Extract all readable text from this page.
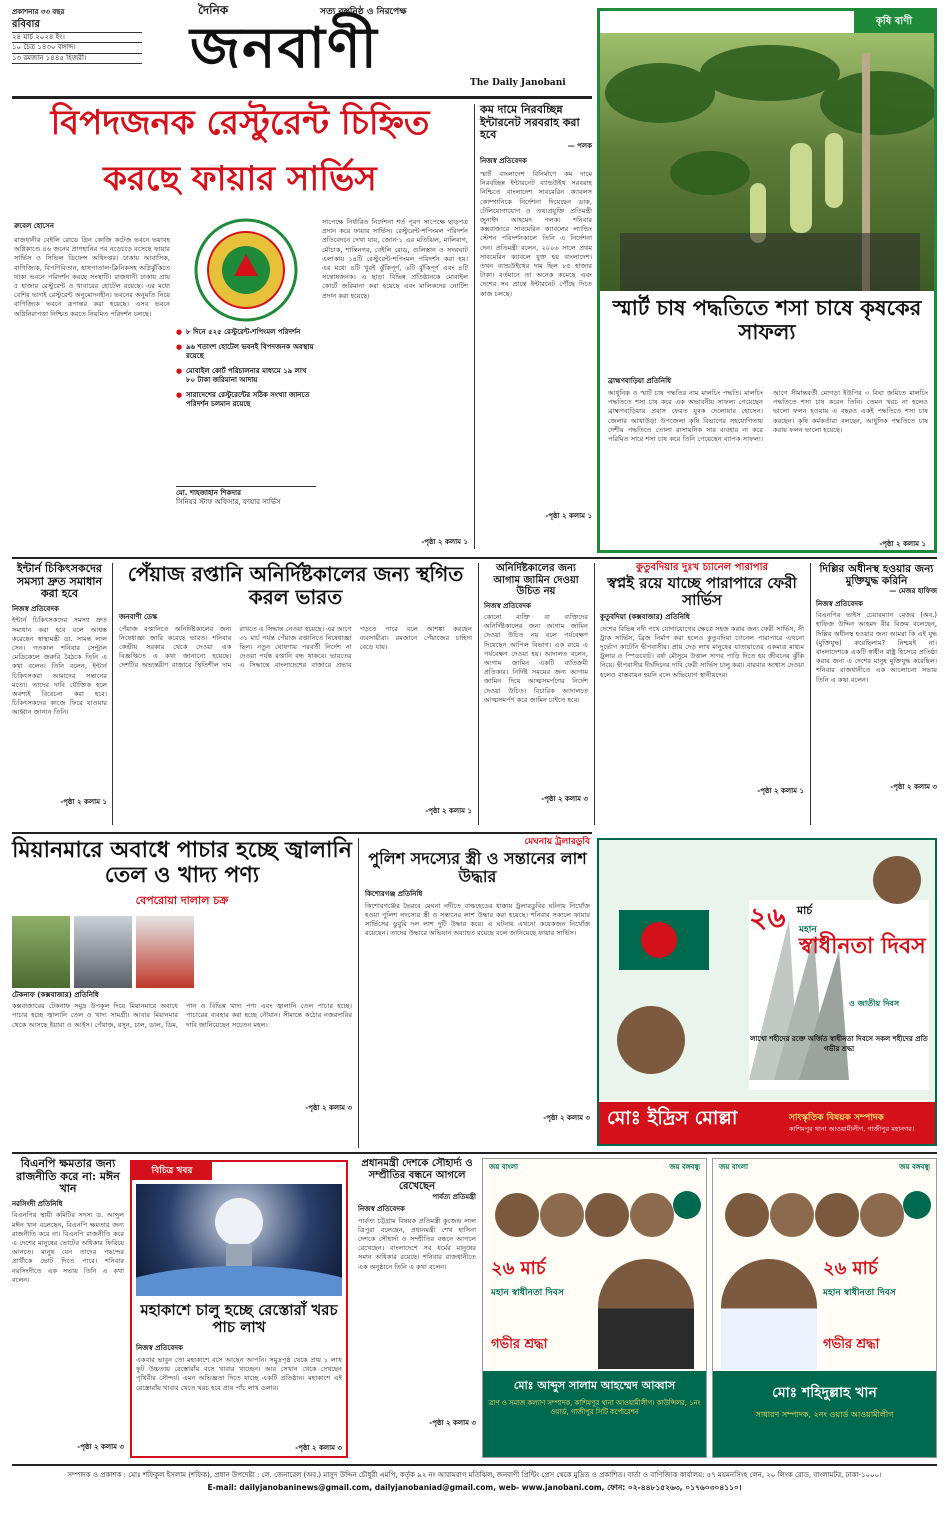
প্রকাশনার ৩৩ বছর
রবিবার
২৪ মার্চ ২০২৪ ইং।
১০ চৈত্র ১৪৩০ বঙ্গাব্দ।
১৩ রমজান ১৪৪৫ হিজরী।
দৈনিক	সত্য বস্তুনিষ্ঠ ও নিরপেক্ষ
জনবাণী
The Daily Janobani
কৃষি বাণী
স্মার্ট চাষ পদ্ধতিতে শসা চাষে কৃষকের সাফল্য
ব্রাহ্মণবাড়িয়া প্রতিনিধি
আধুনিক ও স্মার্ট চাষ পদ্ধতির নাম মালচিং পদ্ধতি। মালচিং পদ্ধতিতে শসা চাষ করে এক অভাবনীয় সাফল্য পেয়েছেন ব্রাহ্মণবাড়িয়ার প্রবাস ফেরত যুবক দেলোয়ার হোসেন। জেলার আখাউড়া উপজেলা কৃষি বিভাগের সহযোগিতায় দেশীয় পদ্ধতিতে তোলা রাসায়নিক সার ব্যবহার না করে পরিমিত সারে শসা চাষ করে তিনি পেয়েছেন ব্যাপক সাফল্য। আগে সীমান্তবর্তী মোগড়া ইউপির ৩ বিঘা জমিতে মালচিং পদ্ধতিতে শসা চাষ করেন তিনি। তেমন খরচ না হলেও ভালো ফলন হওয়ায় এ বছরও একই পদ্ধতিতে শসা চাষ করছেন। কৃষি কর্মকর্তারা বলছেন, আধুনিক পদ্ধতিতে চাষ করায় ফলন ভালো হয়েছে।
-পৃষ্ঠা ২ কলাম ১
বিপদজনক রেস্টুরেন্ট চিহ্নিত
করছে ফায়ার সার্ভিস
রুবেল হোসেন
রাজধানীর বেইলি রোডে গ্রিন কোজি কটেজ ভবনে ভয়াবহ অগ্নিকাণ্ডে ৪৬ জনের প্রাণহানির পর নড়েচড়ে বসেছে ফায়ার সার্ভিস ও সিভিল ডিফেন্স অধিদপ্তর। ঢাকায় আবাসিক, বাণিজ্যিক, বিপণিবিতান, হাসপাতাল-ক্লিনিকসহ অগ্নিঝুঁকিতে থাকা ভবনে পরিদর্শন করছে সংস্থাটি। রাজধানী ঢাকায় প্রায় ৫ হাজার রেস্টুরেন্ট ও খাবারের হোটেল রয়েছে। এর মধ্যে বেশির ভাগই রেস্টুরেন্ট অনুমোদনহীন। ভবনের অনুমতি নিয়ে বাণিজ্যিক ভবনে রূপান্তর করা হয়েছে। এসব ভবনে অগ্নিনিরাপত্তা নিশ্চিত করতে নিয়মিত পরিদর্শন চলছে।
● ৮ দিনে ৫২৫ রেস্টুরেন্ট-শপিংমল পরিদর্শন
● ৯৬ শতাংশ হোটেল ভবনই বিপদজনক অবস্থায় রয়েছে
● মোবাইল কোর্ট পরিচালনার মাধ্যমে ১৯ লাখ ৮০ টাকা জরিমানা আদায়
● সারাদেশের রেস্টুরেন্টের সঠিক সংখ্যা জানতে পরিদর্শন চলমান রয়েছে
মো. শাহজাহান শিকদার
সিনিয়র স্টাফ অফিসার, ফায়ার সার্ভিস
সাপেক্ষে নির্ধারিত নির্দেশনা শর্ত পূরণ সাপেক্ষে ছাড়পত্র প্রদান করে ফায়ার সার্ভিস। রেস্টুরেন্ট-শপিংমল পরিদর্শন প্রতিবেদনে দেখা যায়, জোন-১ এর মতিঝিল, মালিবাগ, মৌচাক, শান্তিনগর, বেইলি রোড, গুলিস্তান ও সদরঘাট এলাকায় ১৪টি রেস্টুরেন্ট-শপিংমল পরিদর্শন করা হয়। এর মধ্যে ৪টি খুবই ঝুঁকিপূর্ণ, ৬টি ঝুঁকিপূর্ণ এবং ৪টি সন্তোষজনক। এ ছাড়া বিভিন্ন প্রতিষ্ঠানকে মোবাইল কোর্টে জরিমানা করা হয়েছে এবং মালিকদের নোটিশ প্রদান করা হয়েছে।
-পৃষ্ঠা ২ কলাম ১
কম দামে নিরবচ্ছিন্ন ইন্টারনেট সরবরাহ করা হবে
— পলক
নিজস্ব প্রতিবেদক
স্মার্ট বাংলাদেশ বিনির্মাণে কম দামে নিরবচ্ছিন্ন ইন্টারনেট ব্যান্ডউইথ সরবরাহ নিশ্চিতে বাংলাদেশ সাবমেরিন ক্যাবলস কোম্পানিকে নির্দেশনা দিয়েছেন ডাক, টেলিযোগাযোগ ও তথ্যপ্রযুক্তি প্রতিমন্ত্রী জুনাইদ আহমেদ পলক। শনিবার কক্সবাজারে সাবমেরিন ক্যাবলের ল্যান্ডিং স্টেশন পরিদর্শনকালে তিনি এ নির্দেশনা দেন। প্রতিমন্ত্রী বলেন, ২০০৬ সালে প্রথম সাবমেরিন ক্যাবলে যুক্ত হয় বাংলাদেশ। তখন ব্যান্ডউইথের দাম ছিল ৮৫ হাজার টাকা। বর্তমানে তা অনেক কমেছে এবং দেশের সব প্রান্তে ইন্টারনেট পৌঁছে দিতে কাজ চলছে।
-পৃষ্ঠা ২ কলাম ১
ইন্টার্ন চিকিৎসকদের সমস্যা দ্রুত সমাধান করা হবে
নিজস্ব প্রতিবেদক
ইন্টার্ন চিকিৎসকদের সমস্যা দ্রুত সমাধান করা হবে বলে আশ্বস্ত করেছেন স্বাস্থ্যমন্ত্রী ডা. সামন্ত লাল সেন। গতকাল শনিবার সেন্ট্রাল মেডিকেলে জরুরি বৈঠকে তিনি এ কথা বলেন। তিনি বলেন, ইন্টার্ন চিকিৎসকরা আমাদের সন্তানের মতো। তাদের দাবি যৌক্তিক হলে অবশ্যই বিবেচনা করা হবে। চিকিৎসকদের কাজে ফিরে যাওয়ার আহ্বান জানান তিনি।
-পৃষ্ঠা ২ কলাম ১
পেঁয়াজ রপ্তানি অনির্দিষ্টকালের জন্য স্থগিত করল ভারত
জনবাণী ডেস্ক
পেঁয়াজ রপ্তানিতে অনির্দিষ্টকালের জন্য নিষেধাজ্ঞা জারি করেছে ভারত। শনিবার কেন্দ্রীয় সরকার থেকে দেওয়া এক বিজ্ঞপ্তিতে এ কথা জানানো হয়েছে। দেশটির অভ্যন্তরীণ বাজারে স্থিতিশীল দাম রাখতে এ সিদ্ধান্ত নেওয়া হয়েছে। এর আগে ৩১ মার্চ পর্যন্ত পেঁয়াজ রপ্তানিতে নিষেধাজ্ঞা ছিল। নতুন ঘোষণায় পরবর্তী নির্দেশ না দেওয়া পর্যন্ত রপ্তানি বন্ধ থাকবে। ভারতের এ সিদ্ধান্তে বাংলাদেশের বাজারে প্রভাব পড়তে পারে বলে আশঙ্কা করছেন ব্যবসায়ীরা। রমজানে পেঁয়াজের চাহিদা বেড়ে যায়।
-পৃষ্ঠা ২ কলাম ১
অনির্দিষ্টকালের জন্য আগাম জামিন দেওয়া উচিত নয়
নিজস্ব প্রতিবেদক
কোনো ব্যক্তি বা ব্যক্তিদের অনির্দিষ্টকালের জন্য আগাম জামিন দেওয়া উচিত নয় বলে পর্যবেক্ষণ দিয়েছেন আপিল বিভাগ। এক রায়ে এ পর্যবেক্ষণ দেওয়া হয়। আদালত বলেন, আগাম জামিন একটি ব্যতিক্রমী প্রতিকার। নির্দিষ্ট সময়ের জন্য আগাম জামিন দিয়ে আত্মসমর্পণের নির্দেশ দেওয়া উচিত। বিচারিক আদালতে আত্মসমর্পণ করে জামিন চাইতে হবে।
-পৃষ্ঠা ২ কলাম ৩
কুতুবদিয়ার দুঃখ চ্যানেল পারাপার
স্বপ্নই রয়ে যাচ্ছে পারাপারে ফেরী সার্ভিস
কুতুবদিয়া (কক্সবাজার) প্রতিনিধি
দেশের বিভিন্ন নদী পথে যোগাযোগের ক্ষেত্রে সহজ করার জন্য ফেরী সার্ভিস, সী ট্রাক সার্ভিস, ব্রিজ নির্মাণ করা হলেও কুতুবদিয়া চ্যানেল পারাপারে এখনো দুর্ভোগ কাটেনি দ্বীপবাসীর। প্রায় দেড় লাখ মানুষের যাতায়াতের একমাত্র মাধ্যম ট্রলার ও স্পিডবোট। বর্ষা মৌসুমে উত্তাল সাগর পাড়ি দিতে হয় জীবনের ঝুঁকি নিয়ে। দ্বীপবাসীর দীর্ঘদিনের দাবি ফেরী সার্ভিস চালু করা। বারবার আশ্বাস দেওয়া হলেও বাস্তবায়ন হয়নি বলে অভিযোগ স্থানীয়দের।
-পৃষ্ঠা ২ কলাম ১
দিল্লির অধীনস্থ হওয়ার জন্য মুক্তিযুদ্ধ করিনি
— মেজর হাফিজ
নিজস্ব প্রতিবেদক
বিএনপির ভাইস চেয়ারম্যান মেজর (অব.) হাফিজ উদ্দিন আহমদ বীর বিক্রম বলেছেন, দিল্লির অধীনস্থ হওয়ার জন্য আমরা কি এই যুদ্ধ (মুক্তিযুদ্ধ) করেছিলাম? নিশ্চয়ই না। বাংলাদেশকে একটি স্বাধীন রাষ্ট্র হিসেবে প্রতিষ্ঠা করার জন্য এ দেশের মানুষ মুক্তিযুদ্ধ করেছিল। শনিবার রাজধানীতে এক আলোচনা সভায় তিনি এ কথা বলেন।
-পৃষ্ঠা ২ কলাম ৩
মিয়ানমারে অবাধে পাচার হচ্ছে জ্বালানি তেল ও খাদ্য পণ্য
বেপরোয়া দালাল চক্র
টেকনাফ (কক্সবাজার) প্রতিনিধি
কক্সবাজারের টেকনাফ সমুদ্র উপকূল দিয়ে মিয়ানমারে অবাধে পাচার হচ্ছে জ্বালানি তেল ও খাদ্য সামগ্রী। আবার মিয়ানমার থেকে আসছে ইয়াবা ও আইস। পেঁয়াজ, রসুন, চাল, ডাল, ডিম, পান ও বিভিন্ন খাদ্য পণ্য এবং জ্বালানি তেল পাচার হচ্ছে। পাচারের ব্যবহার করা হচ্ছে নৌযান। সীমান্তে কঠোর নজরদারির দাবি জানিয়েছেন সচেতন মহল।
-পৃষ্ঠা ২ কলাম ৩
মেঘনায় ট্রলারডুবি
পুলিশ সদস্যের স্ত্রী ও সন্তানের লাশ উদ্ধার
কিশোরগঞ্জ প্রতিনিধি
কিশোরগঞ্জের ভৈরবে মেঘনা নদীতে বাল্কহেডের ধাক্কায় ট্রলারডুবির ঘটনায় নিখোঁজ হওয়া পুলিশ সদস্যের স্ত্রী ও সন্তানের লাশ উদ্ধার করা হয়েছে। শনিবার সকালে ফায়ার সার্ভিসের ডুবুরি দল লাশ দুটি উদ্ধার করে। এ ঘটনায় এখনো কয়েকজন নিখোঁজ রয়েছেন। তাদের উদ্ধারে অভিযান অব্যাহত রয়েছে বলে জানিয়েছে ফায়ার সার্ভিস।
-পৃষ্ঠা ২ কলাম ৩
২৬ মার্চ
মহান
স্বাধীনতা দিবস
ও জাতীয় দিবস
লাখো শহীদের রক্তে অর্জিত স্বাধীনতা দিবসে সকল শহীদের প্রতি গভীর শ্রদ্ধা
মোঃ ইদ্রিস মোল্লা	সাংস্কৃতিক বিষয়ক সম্পাদক
কাশিমপুর থানা আওয়ামীলীগ, গাজীপুর মহানগর।
বিএনপি ক্ষমতার জন্য রাজনীতি করে না: মঈন খান
নরসিংদী প্রতিনিধি
বিএনপির স্থায়ী কমিটির সদস্য ড. আব্দুল মঈন খান বলেছেন, বিএনপি ক্ষমতার জন্য রাজনীতি করে না। বিএনপি রাজনীতি করে এ দেশের মানুষের ভোটের অধিকার ফিরিয়ে আনতে। মানুষ যেন তাদের পছন্দের প্রার্থীকে ভোট দিতে পারে। শনিবার নরসিংদীতে এক সভায় তিনি এ কথা বলেন।
-পৃষ্ঠা ২ কলাম ৩
বিচিত্র খবর
মহাকাশে চালু হচ্ছে রেস্তোরাঁ খরচ পাচ লাখ
নিজস্ব প্রতিবেদক
একবার ভাবুন তো মহাকাশে বসে আছেন আপনি। সমুদ্রপৃষ্ঠ থেকে প্রায় ১ লাখ ফুট উচ্চতায় রেস্তোরাঁয় বসে খাবার খাচ্ছেন। আর সেখান থেকে দেখছেন পৃথিবীর সৌন্দর্য। এমন অভিজ্ঞতা দিতে যাচ্ছে একটি প্রতিষ্ঠান। মহাকাশে এই রেস্তোরাঁয় খাবার খেতে খরচ হবে প্রায় পাঁচ লাখ ডলার।
-পৃষ্ঠা ২ কলাম ৩
প্রধানমন্ত্রী দেশকে সৌহার্দ্য ও সম্প্রীতির বন্ধনে আগলে রেখেছেন
পার্বত্য প্রতিমন্ত্রী
নিজস্ব প্রতিবেদক
পার্বত্য চট্টগ্রাম বিষয়ক প্রতিমন্ত্রী কুজেন্দ্র লাল ত্রিপুরা বলেছেন, প্রধানমন্ত্রী শেখ হাসিনা দেশকে সৌহার্দ্য ও সম্প্রীতির বন্ধনে আগলে রেখেছেন। বাংলাদেশে সব ধর্মের মানুষের সমান অধিকার রয়েছে। শনিবার রাজধানীতে এক অনুষ্ঠানে তিনি এ কথা বলেন।
-পৃষ্ঠা ২ কলাম ৩
জয় বাংলা	জয় বঙ্গবন্ধু
২৬ মার্চ
মহান স্বাধীনতা দিবস
গভীর শ্রদ্ধা
মোঃ আব্দুস সালাম আহম্মেদ আব্বাস
ত্রাণ ও সমাজ কল্যাণ সম্পাদক, কাশিমপুর থানা আওয়ামীলীগ। কাউন্সিলর, ১নং ওয়ার্ড, গাজীপুর সিটি কর্পোরেশন
জয় বাংলা	জয় বঙ্গবন্ধু
২৬ মার্চ
মহান স্বাধীনতা দিবস
গভীর শ্রদ্ধা
মোঃ শহিদুল্লাহ খান
সাধারণ সম্পাদক, ২নং ওয়ার্ড আওয়ামীলীগ
সম্পাদক ও প্রকাশক : মোঃ শফিকুল ইসলাম (শফিক), প্রধান উপদেষ্টা : লে. জেনারেল (অব.) মাসুদ উদ্দিন চৌধুরী এমপি, কর্তৃক ৯২ নং আরামবাগ মতিঝিল, জনবাণী প্রিন্টিং প্রেস থেকে মুদ্রিত ও প্রকাশিত। বার্তা ও বাণিজ্যিক কার্যালয়: ৫৭ ময়মনসিংহ লেন, ২০ লিংক রোড, বাংলামটর, ঢাকা-১০০০।
E-mail: dailyjanobaninews@gmail.com, dailyjanobaniad@gmail.com, web- www.janobani.com, ফোন: ০২-৪৪৮১৫২৬৩, ০১৭৬০৩০৪১১০।
